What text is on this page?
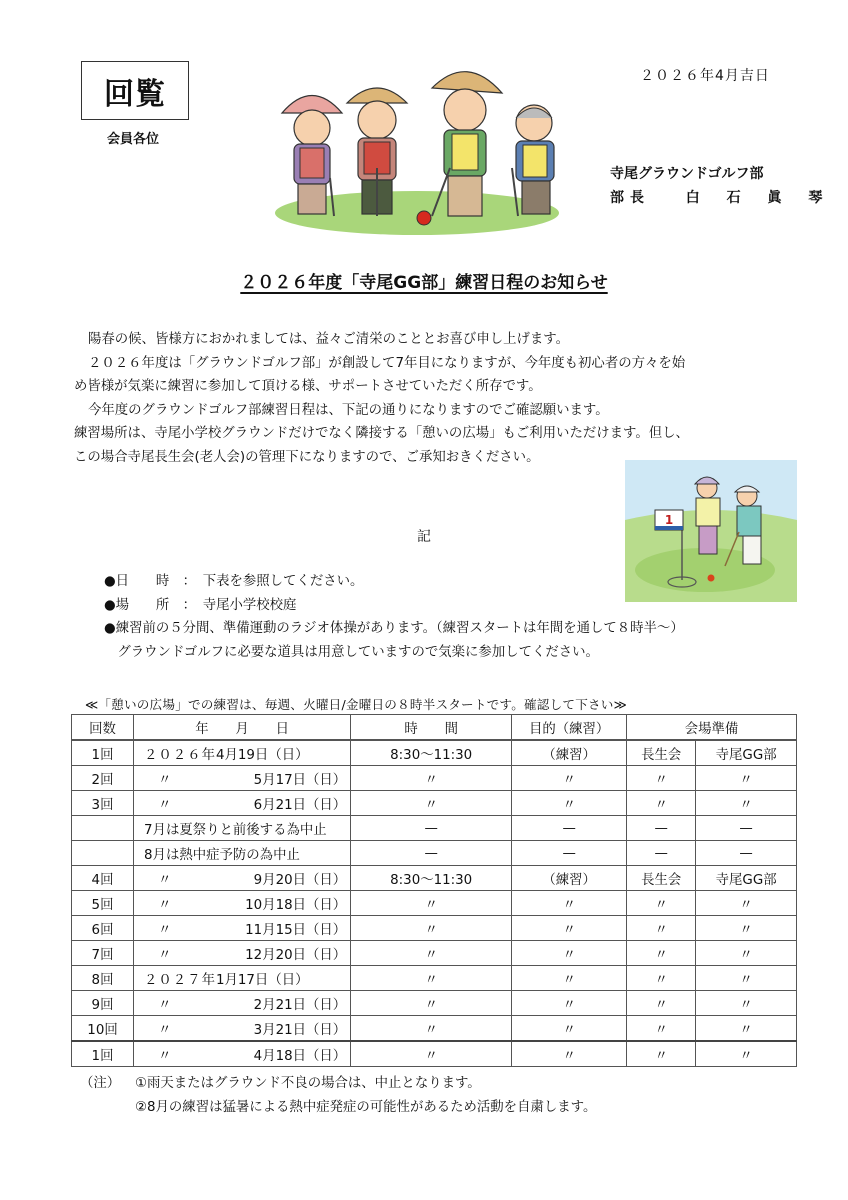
回覧
会員各位
２０２６年4月吉日
寺尾グラウンドゴルフ部
部長	白 石 眞 琴
２０２６年度「寺尾GG部」練習日程のお知らせ
陽春の候、皆様方におかれましては、益々ご清栄のこととお喜び申し上げます。
２０２６年度は「グラウンドゴルフ部」が創設して7年目になりますが、今年度も初心者の方々を始
め皆様が気楽に練習に参加して頂ける様、サポートさせていただく所存です。
今年度のグラウンドゴルフ部練習日程は、下記の通りになりますのでご確認願います。
練習場所は、寺尾小学校グラウンドだけでなく隣接する「憩いの広場」もご利用いただけます。但し、
この場合寺尾長生会(老人会)の管理下になりますので、ご承知おきください。
1
記
●日　　時　：　下表を参照してください。
●場　　所　：　寺尾小学校校庭
●練習前の５分間、準備運動のラジオ体操があります。（練習スタートは年間を通して８時半～）
　グラウンドゴルフに必要な道具は用意していますので気楽に参加してください。
≪「憩いの広場」での練習は、毎週、火曜日/金曜日の８時半スタートです。確認して下さい≫
回数	年　　月　　日	時　　間	目的（練習）	会場準備	
1回	２０２６年 4月19日（日）	8:30～11:30	（練習）	長生会	寺尾GG部
2回	〃 5月17日（日）	〃	〃	〃	〃
3回	〃 6月21日（日）	〃	〃	〃	〃

	7月は夏祭りと前後する為中止	—	—	—	—

	8月は熱中症予防の為中止	—	—	—	—
4回	〃 9月20日（日）	8:30～11:30	（練習）	長生会	寺尾GG部
5回	〃 10月18日（日）	〃	〃	〃	〃
6回	〃 11月15日（日）	〃	〃	〃	〃
7回	〃 12月20日（日）	〃	〃	〃	〃
8回	２０２７年 1月17日（日）	〃	〃	〃	〃
9回	〃 2月21日（日）	〃	〃	〃	〃
10回	〃 3月21日（日）	〃	〃	〃	〃
1回	〃 4月18日（日）	〃	〃	〃	〃
（注） ①雨天またはグラウンド不良の場合は、中止となります。
②8月の練習は猛暑による熱中症発症の可能性があるため活動を自粛します。
